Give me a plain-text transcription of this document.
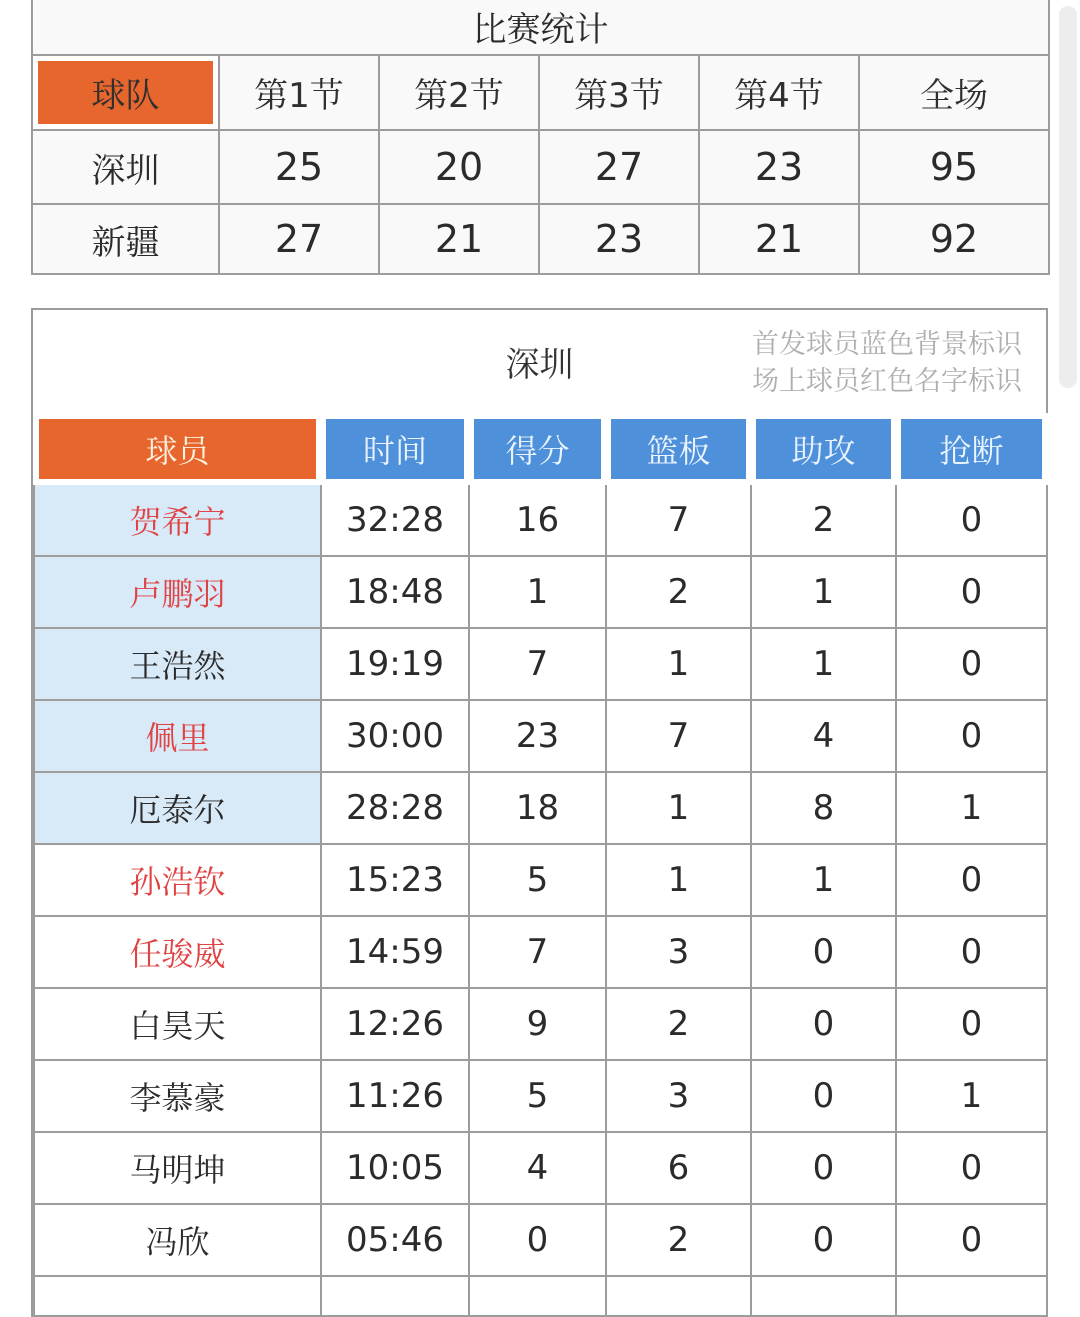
比赛统计					
球队	第1节	第2节	第3节	第4节	全场
深圳	25	20	27	23	95
新疆	27	21	23	21	92
深圳
首发球员蓝色背景标识
场上球员红色名字标识
球员	时间	得分	篮板	助攻	抢断
贺希宁	32:28	16	7	2	0
卢鹏羽	18:48	1	2	1	0
王浩然	19:19	7	1	1	0
佩里	30:00	23	7	4	0
厄泰尔	28:28	18	1	8	1
孙浩钦	15:23	5	1	1	0
任骏威	14:59	7	3	0	0
白昊天	12:26	9	2	0	0
李慕豪	11:26	5	3	0	1
马明坤	10:05	4	6	0	0
冯欣	05:46	0	2	0	0
